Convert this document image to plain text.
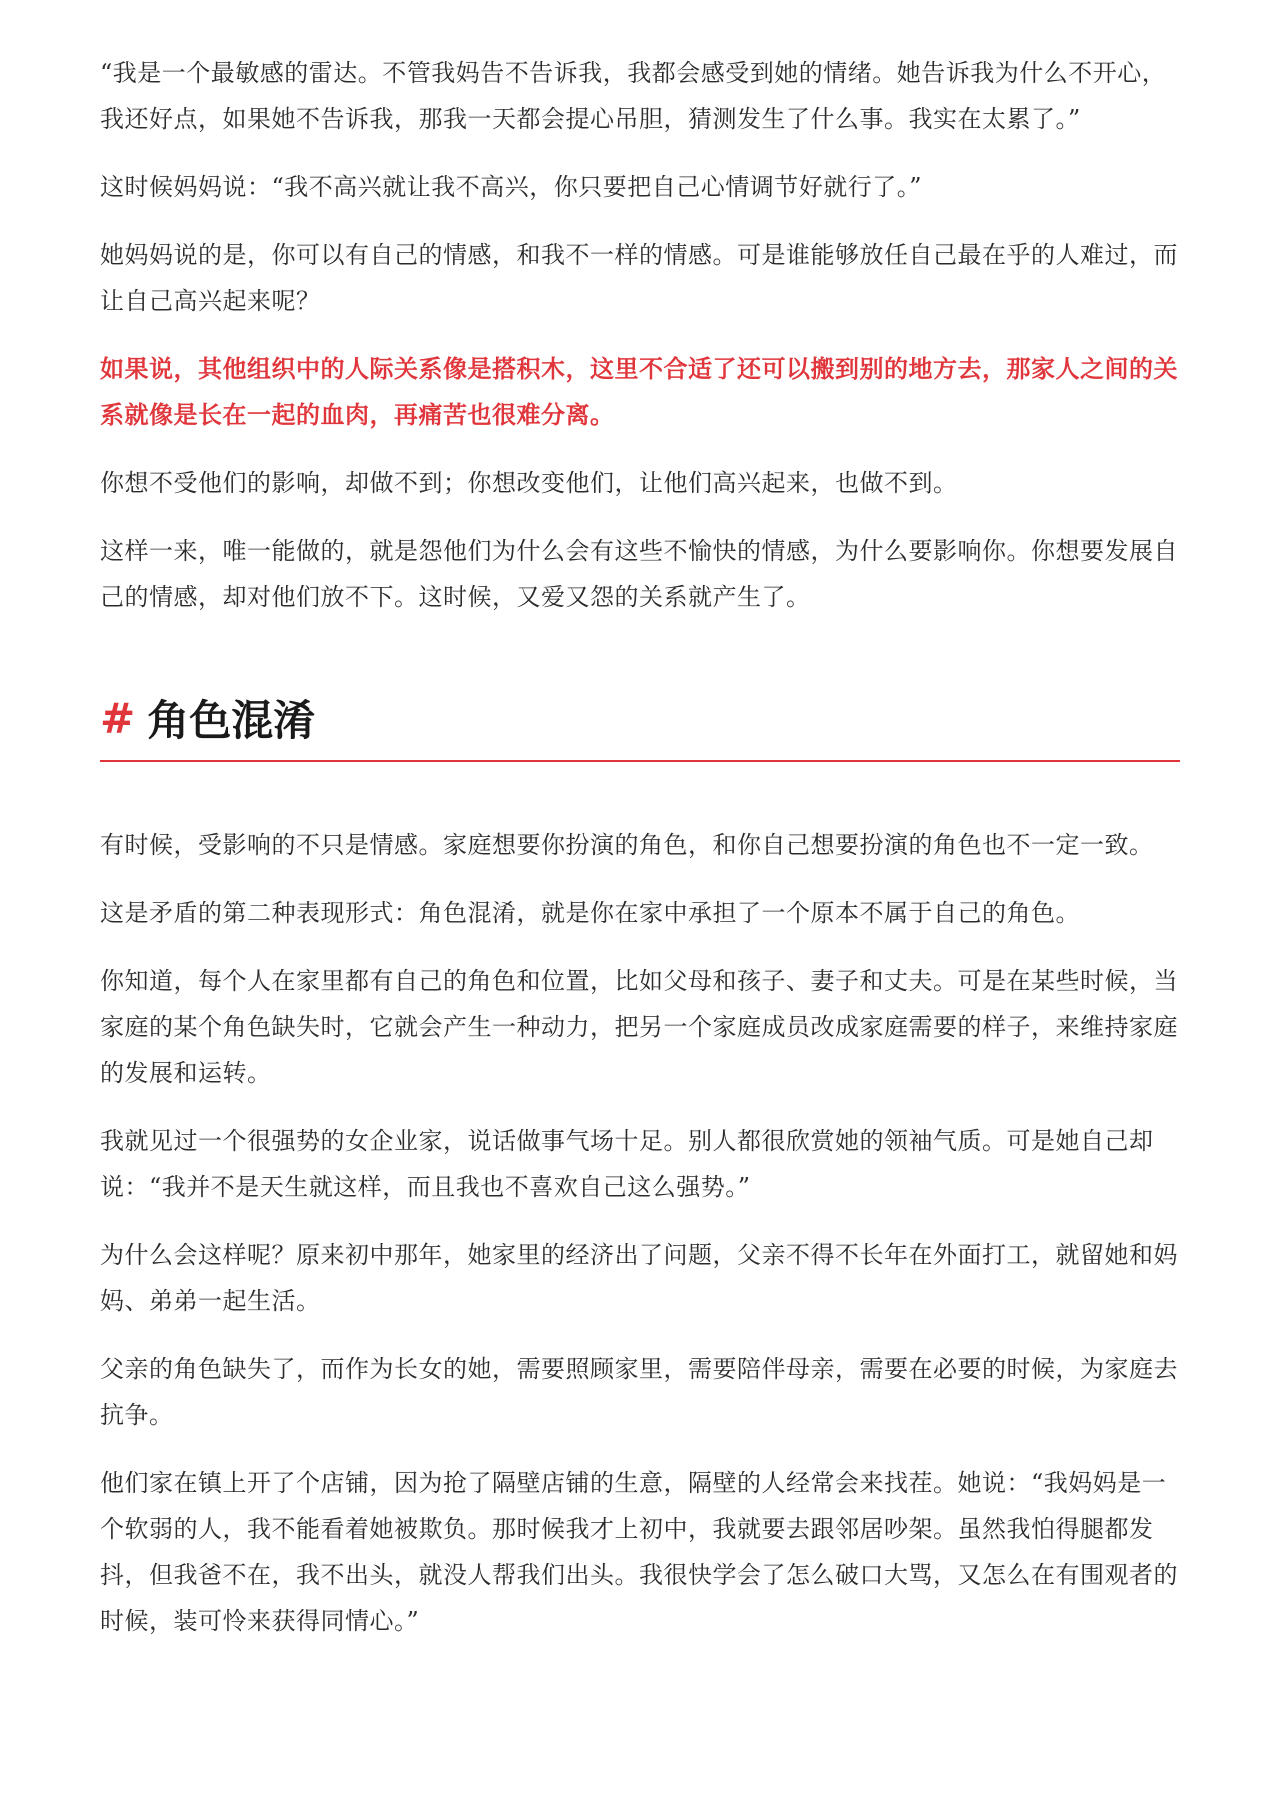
“我是一个最敏感的雷达。不管我妈告不告诉我，我都会感受到她的情绪。她告诉我为什么不开心，我还好点，如果她不告诉我，那我一天都会提心吊胆，猜测发生了什么事。我实在太累了。”

这时候妈妈说：“我不高兴就让我不高兴，你只要把自己心情调节好就行了。”

她妈妈说的是，你可以有自己的情感，和我不一样的情感。可是谁能够放任自己最在乎的人难过，而让自己高兴起来呢？

如果说，其他组织中的人际关系像是搭积木，这里不合适了还可以搬到别的地方去，那家人之间的关系就像是长在一起的血肉，再痛苦也很难分离。

你想不受他们的影响，却做不到；你想改变他们，让他们高兴起来，也做不到。

这样一来，唯一能做的，就是怨他们为什么会有这些不愉快的情感，为什么要影响你。你想要发展自己的情感，却对他们放不下。这时候，又爱又怨的关系就产生了。

# 角色混淆

有时候，受影响的不只是情感。家庭想要你扮演的角色，和你自己想要扮演的角色也不一定一致。

这是矛盾的第二种表现形式：角色混淆，就是你在家中承担了一个原本不属于自己的角色。

你知道，每个人在家里都有自己的角色和位置，比如父母和孩子、妻子和丈夫。可是在某些时候，当家庭的某个角色缺失时，它就会产生一种动力，把另一个家庭成员改成家庭需要的样子，来维持家庭的发展和运转。

我就见过一个很强势的女企业家，说话做事气场十足。别人都很欣赏她的领袖气质。可是她自己却说：“我并不是天生就这样，而且我也不喜欢自己这么强势。”

为什么会这样呢？原来初中那年，她家里的经济出了问题，父亲不得不长年在外面打工，就留她和妈妈、弟弟一起生活。

父亲的角色缺失了，而作为长女的她，需要照顾家里，需要陪伴母亲，需要在必要的时候，为家庭去抗争。

他们家在镇上开了个店铺，因为抢了隔壁店铺的生意，隔壁的人经常会来找茬。她说：“我妈妈是一个软弱的人，我不能看着她被欺负。那时候我才上初中，我就要去跟邻居吵架。虽然我怕得腿都发抖，但我爸不在，我不出头，就没人帮我们出头。我很快学会了怎么破口大骂，又怎么在有围观者的时候，装可怜来获得同情心。”
